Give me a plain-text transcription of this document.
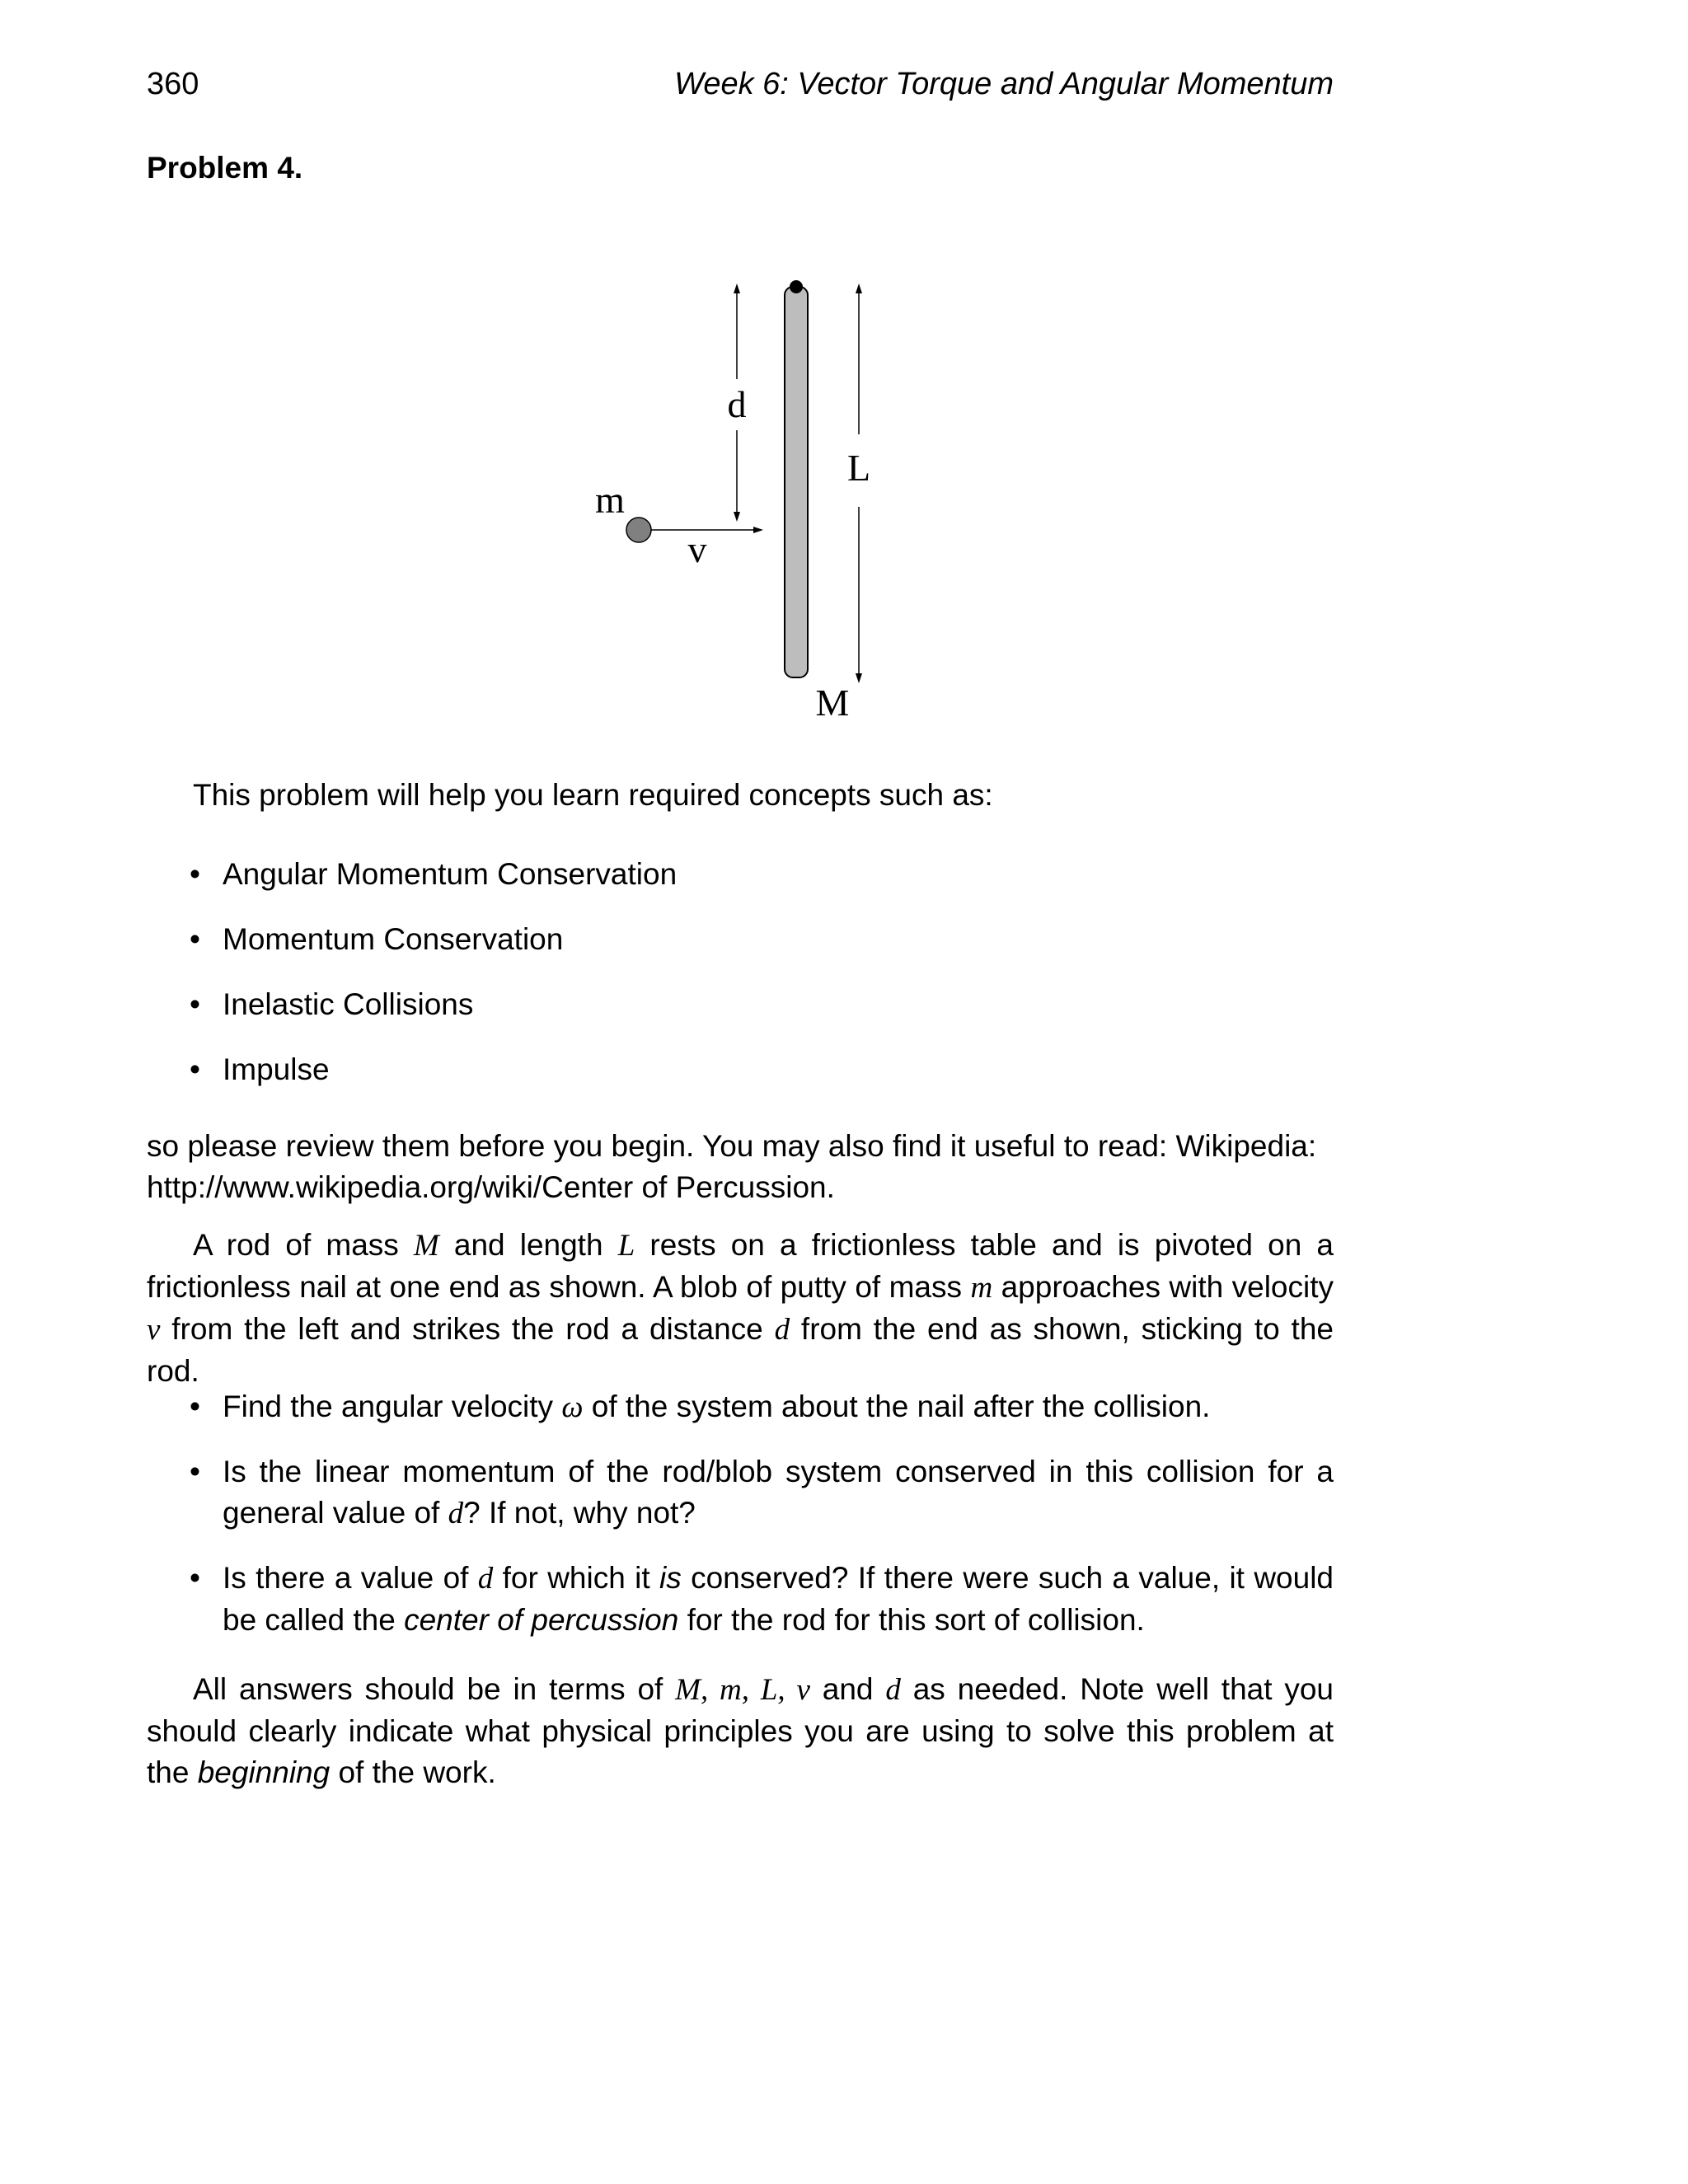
360	Week 6: Vector Torque and Angular Momentum
Problem 4.
d
L
m
v
M

This problem will help you learn required concepts such as:

• Angular Momentum Conservation
• Momentum Conservation
• Inelastic Collisions
• Impulse

so please review them before you begin. You may also find it useful to read: Wikipedia:
http://www.wikipedia.org/wiki/Center of Percussion.

A rod of mass M and length L rests on a frictionless table and is pivoted on a frictionless nail at one end as shown. A blob of putty of mass m approaches with velocity v from the left and strikes the rod a distance d from the end as shown, sticking to the rod.

• Find the angular velocity ω of the system about the nail after the collision.
• Is the linear momentum of the rod/blob system conserved in this collision for a general value of d? If not, why not?
• Is there a value of d for which it is conserved? If there were such a value, it would be called the center of percussion for the rod for this sort of collision.

All answers should be in terms of M, m, L, v and d as needed. Note well that you should clearly indicate what physical principles you are using to solve this problem at the beginning of the work.
